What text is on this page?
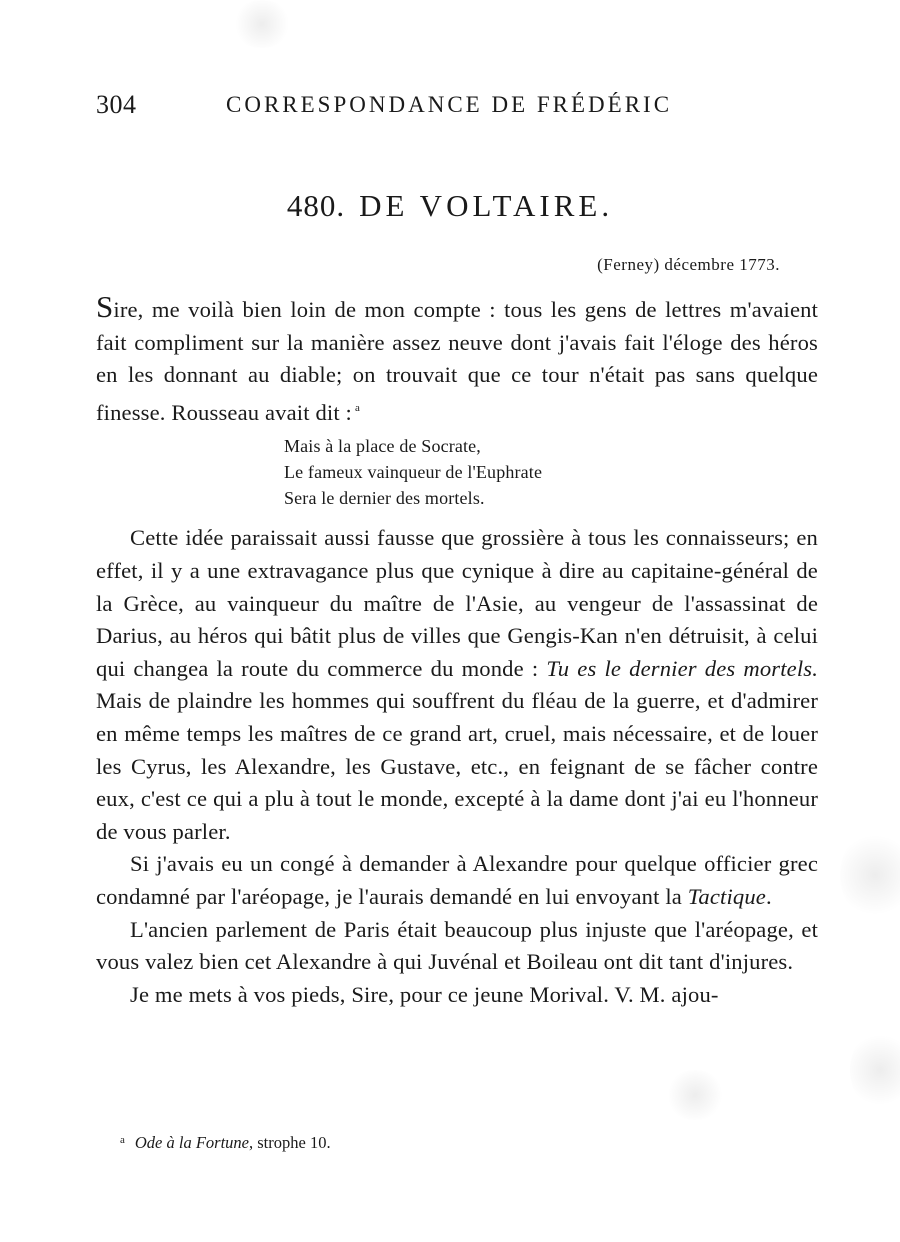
304	CORRESPONDANCE DE FRÉDÉRIC
480. DE VOLTAIRE.
(Ferney) décembre 1773.

Sire, me voilà bien loin de mon compte : tous les gens de lettres m'avaient fait compliment sur la manière assez neuve dont j'avais fait l'éloge des héros en les donnant au diable; on trouvait que ce tour n'était pas sans quelque finesse. Rousseau avait dit : $^a$

Mais à la place de Socrate,
Le fameux vainqueur de l'Euphrate
Sera le dernier des mortels.

Cette idée paraissait aussi fausse que grossière à tous les connaisseurs; en effet, il y a une extravagance plus que cynique à dire au capitaine-général de la Grèce, au vainqueur du maître de l'Asie, au vengeur de l'assassinat de Darius, au héros qui bâtit plus de villes que Gengis-Kan n'en détruisit, à celui qui changea la route du commerce du monde : Tu es le dernier des mortels. Mais de plaindre les hommes qui souffrent du fléau de la guerre, et d'admirer en même temps les maîtres de ce grand art, cruel, mais nécessaire, et de louer les Cyrus, les Alexandre, les Gustave, etc., en feignant de se fâcher contre eux, c'est ce qui a plu à tout le monde, excepté à la dame dont j'ai eu l'honneur de vous parler.

Si j'avais eu un congé à demander à Alexandre pour quelque officier grec condamné par l'aréopage, je l'aurais demandé en lui envoyant la Tactique.

L'ancien parlement de Paris était beaucoup plus injuste que l'aréopage, et vous valez bien cet Alexandre à qui Juvénal et Boileau ont dit tant d'injures.

Je me mets à vos pieds, Sire, pour ce jeune Morival. V. M. ajou-

$^a$ Ode à la Fortune, strophe 10.
